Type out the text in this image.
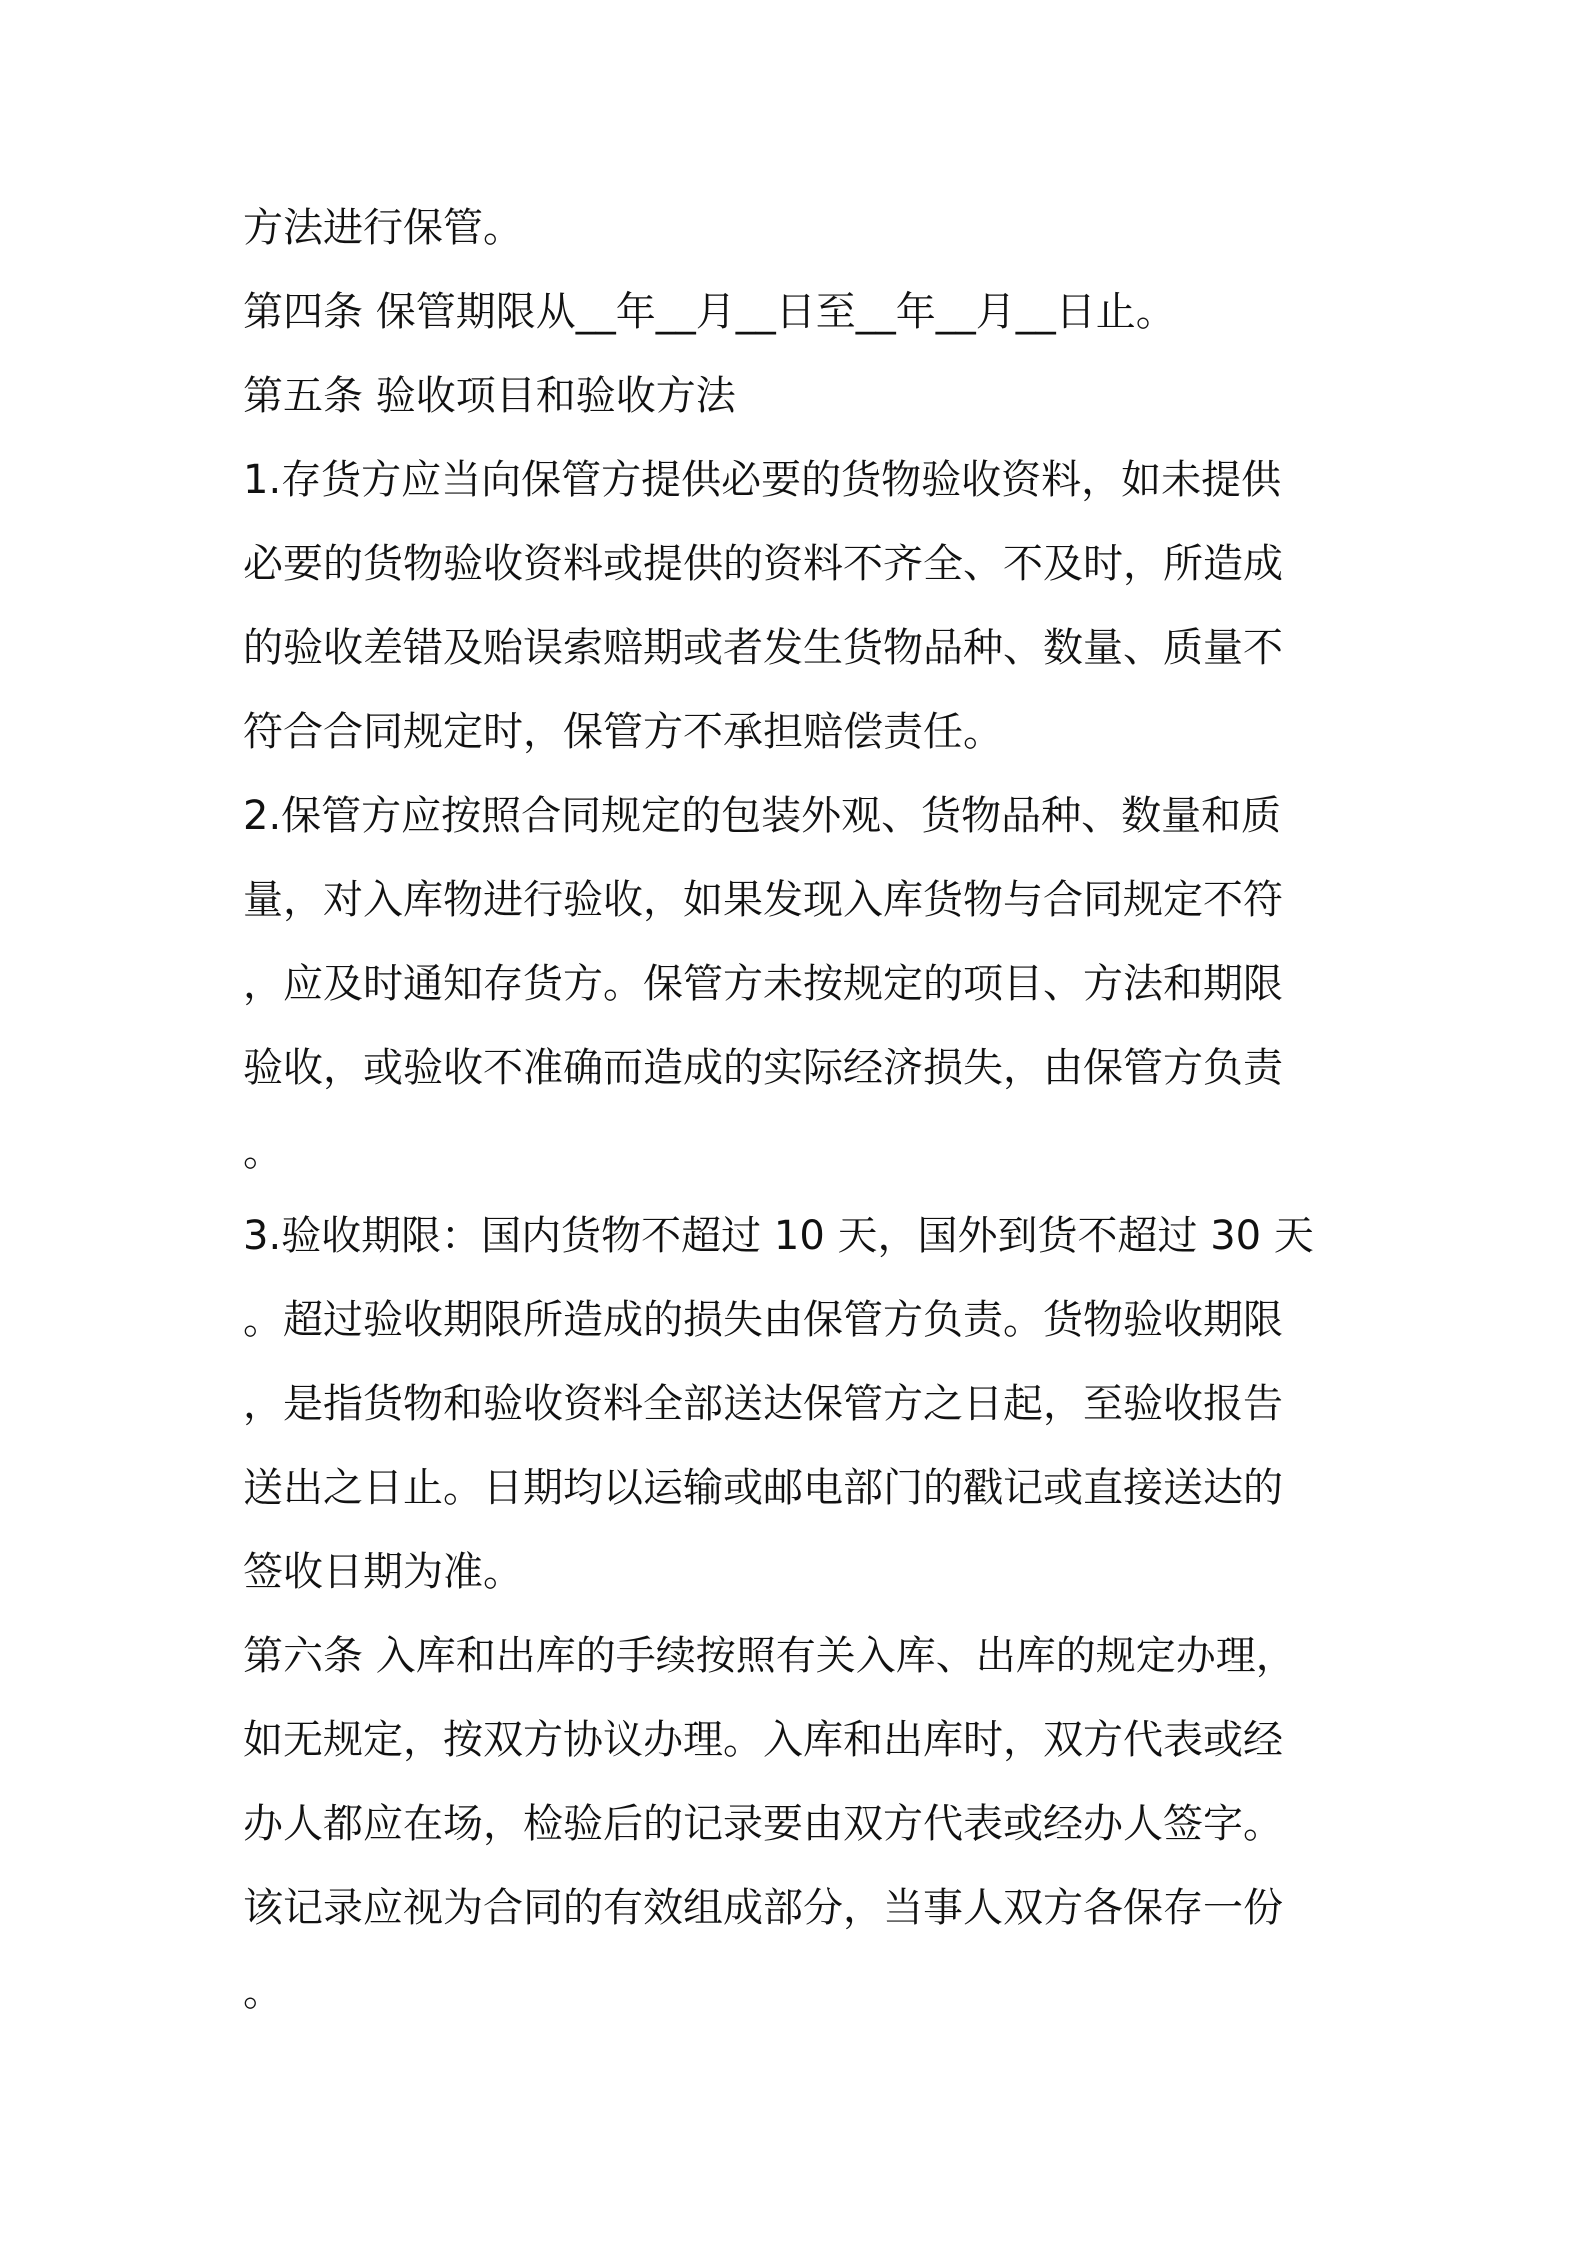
方法进行保管。

第四条 保管期限从__年__月__日至__年__月__日止。

第五条 验收项目和验收方法

1.存货方应当向保管方提供必要的货物验收资料，如未提供

必要的货物验收资料或提供的资料不齐全、不及时，所造成

的验收差错及贻误索赔期或者发生货物品种、数量、质量不

符合合同规定时，保管方不承担赔偿责任。

2.保管方应按照合同规定的包装外观、货物品种、数量和质

量，对入库物进行验收，如果发现入库货物与合同规定不符

，应及时通知存货方。保管方未按规定的项目、方法和期限

验收，或验收不准确而造成的实际经济损失，由保管方负责

。

3.验收期限：国内货物不超过 10 天，国外到货不超过 30 天

。超过验收期限所造成的损失由保管方负责。货物验收期限

，是指货物和验收资料全部送达保管方之日起，至验收报告

送出之日止。日期均以运输或邮电部门的戳记或直接送达的

签收日期为准。

第六条 入库和出库的手续按照有关入库、出库的规定办理，

如无规定，按双方协议办理。入库和出库时，双方代表或经

办人都应在场，检验后的记录要由双方代表或经办人签字。

该记录应视为合同的有效组成部分，当事人双方各保存一份

。
